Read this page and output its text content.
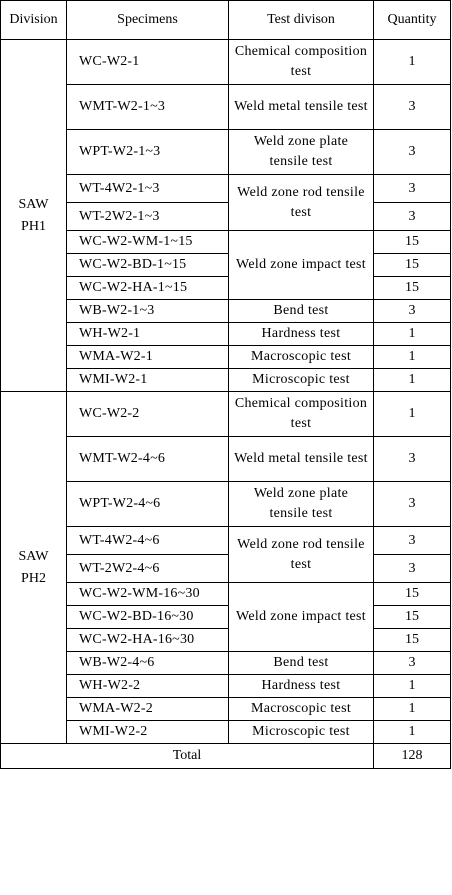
Division	Specimens	Test divison	Quantity

SAW
PH1	WC-W2-1	Chemical composition test	1
	WMT-W2-1~3	Weld metal tensile test	3
	WPT-W2-1~3	Weld zone plate tensile test	3
	WT-4W2-1~3	Weld zone rod tensile test	3
	WT-2W2-1~3		3
	WC-W2-WM-1~15	Weld zone impact test	15
	WC-W2-BD-1~15		15
	WC-W2-HA-1~15		15
	WB-W2-1~3	Bend test	3
	WH-W2-1	Hardness test	1
	WMA-W2-1	Macroscopic test	1
	WMI-W2-1	Microscopic test	1

SAW
PH2	WC-W2-2	Chemical composition test	1
	WMT-W2-4~6	Weld metal tensile test	3
	WPT-W2-4~6	Weld zone plate tensile test	3
	WT-4W2-4~6	Weld zone rod tensile test	3
	WT-2W2-4~6		3
	WC-W2-WM-16~30	Weld zone impact test	15
	WC-W2-BD-16~30		15
	WC-W2-HA-16~30		15
	WB-W2-4~6	Bend test	3
	WH-W2-2	Hardness test	1
	WMA-W2-2	Macroscopic test	1
	WMI-W2-2	Microscopic test	1
Total			128
